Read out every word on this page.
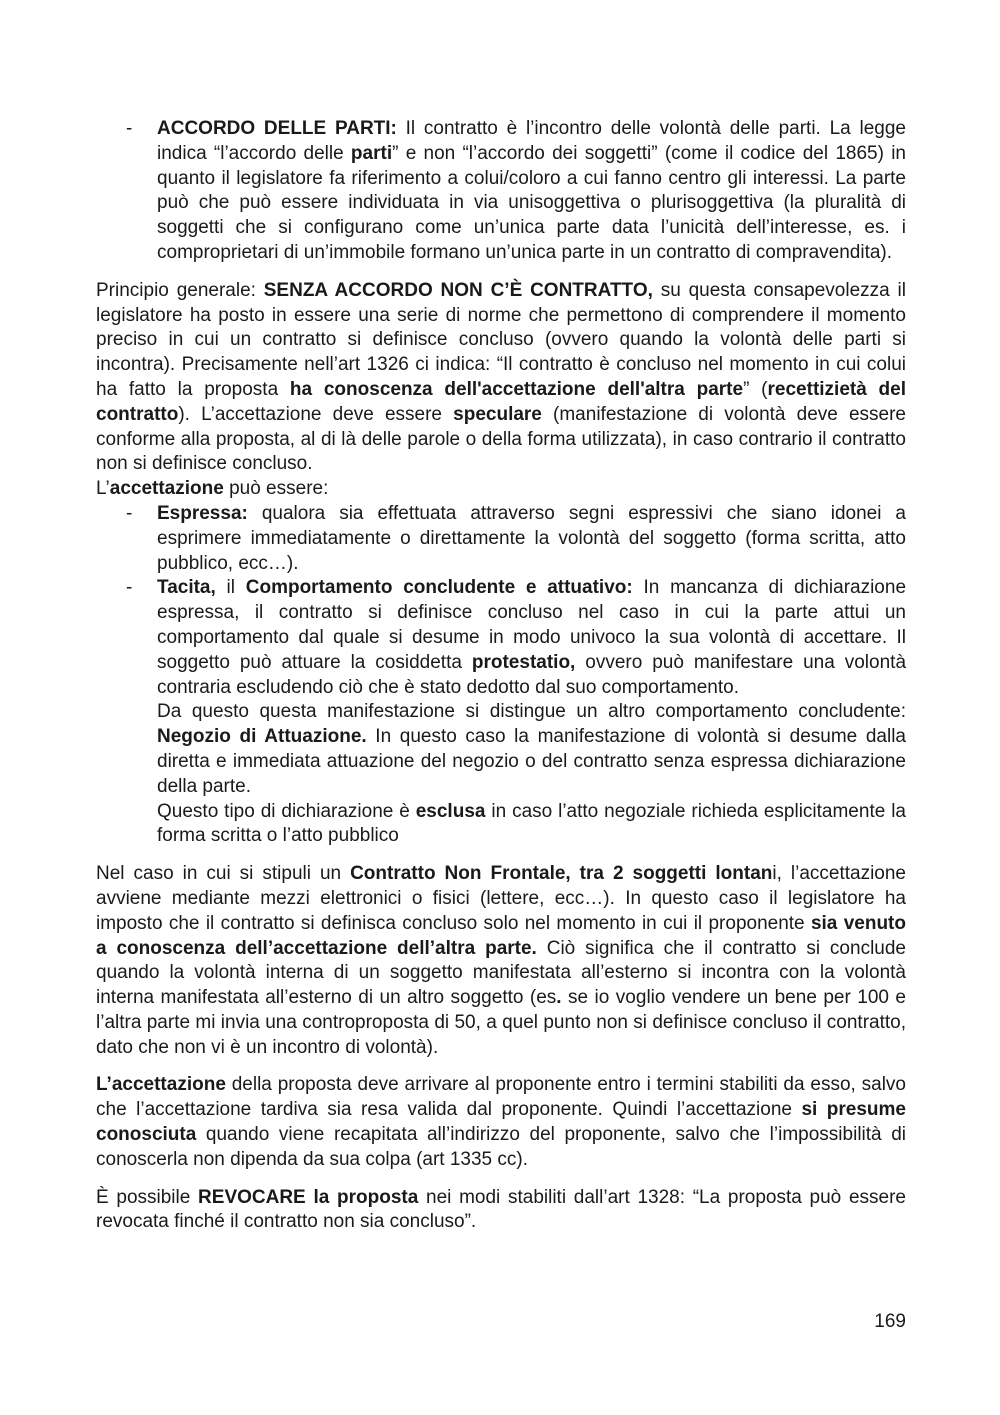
- ACCORDO DELLE PARTI: Il contratto è l’incontro delle volontà delle parti. La legge indica “l’accordo delle parti” e non “l’accordo dei soggetti” (come il codice del 1865) in quanto il legislatore fa riferimento a colui/coloro a cui fanno centro gli interessi. La parte può che può essere individuata in via unisoggettiva o plurisoggettiva (la pluralità di soggetti che si configurano come un’unica parte data l’unicità dell’interesse, es. i comproprietari di un’immobile formano un’unica parte in un contratto di compravendita).

Principio generale: SENZA ACCORDO NON C’È CONTRATTO, su questa consapevolezza il legislatore ha posto in essere una serie di norme che permettono di comprendere il momento preciso in cui un contratto si definisce concluso (ovvero quando la volontà delle parti si incontra). Precisamente nell’art 1326 ci indica: “Il contratto è concluso nel momento in cui colui ha fatto la proposta ha conoscenza dell'accettazione dell'altra parte” (recettizietà del contratto). L’accettazione deve essere speculare (manifestazione di volontà deve essere conforme alla proposta, al di là delle parole o della forma utilizzata), in caso contrario il contratto non si definisce concluso.

L’accettazione può essere:

- Espressa: qualora sia effettuata attraverso segni espressivi che siano idonei a esprimere immediatamente o direttamente la volontà del soggetto (forma scritta, atto pubblico, ecc…).

- Tacita, il Comportamento concludente e attuativo: In mancanza di dichiarazione espressa, il contratto si definisce concluso nel caso in cui la parte attui un comportamento dal quale si desume in modo univoco la sua volontà di accettare. Il soggetto può attuare la cosiddetta protestatio, ovvero può manifestare una volontà contraria escludendo ciò che è stato dedotto dal suo comportamento.

Da questo questa manifestazione si distingue un altro comportamento concludente: Negozio di Attuazione. In questo caso la manifestazione di volontà si desume dalla diretta e immediata attuazione del negozio o del contratto senza espressa dichiarazione della parte.

Questo tipo di dichiarazione è esclusa in caso l’atto negoziale richieda esplicitamente la forma scritta o l’atto pubblico

Nel caso in cui si stipuli un Contratto Non Frontale, tra 2 soggetti lontani, l’accettazione avviene mediante mezzi elettronici o fisici (lettere, ecc…). In questo caso il legislatore ha imposto che il contratto si definisca concluso solo nel momento in cui il proponente sia venuto a conoscenza dell’accettazione dell’altra parte. Ciò significa che il contratto si conclude quando la volontà interna di un soggetto manifestata all’esterno si incontra con la volontà interna manifestata all’esterno di un altro soggetto (es. se io voglio vendere un bene per 100 e l’altra parte mi invia una controproposta di 50, a quel punto non si definisce concluso il contratto, dato che non vi è un incontro di volontà).

L’accettazione della proposta deve arrivare al proponente entro i termini stabiliti da esso, salvo che l’accettazione tardiva sia resa valida dal proponente. Quindi l’accettazione si presume conosciuta quando viene recapitata all’indirizzo del proponente, salvo che l’impossibilità di conoscerla non dipenda da sua colpa (art 1335 cc).

È possibile REVOCARE la proposta nei modi stabiliti dall’art 1328: “La proposta può essere revocata finché il contratto non sia concluso”.

169
